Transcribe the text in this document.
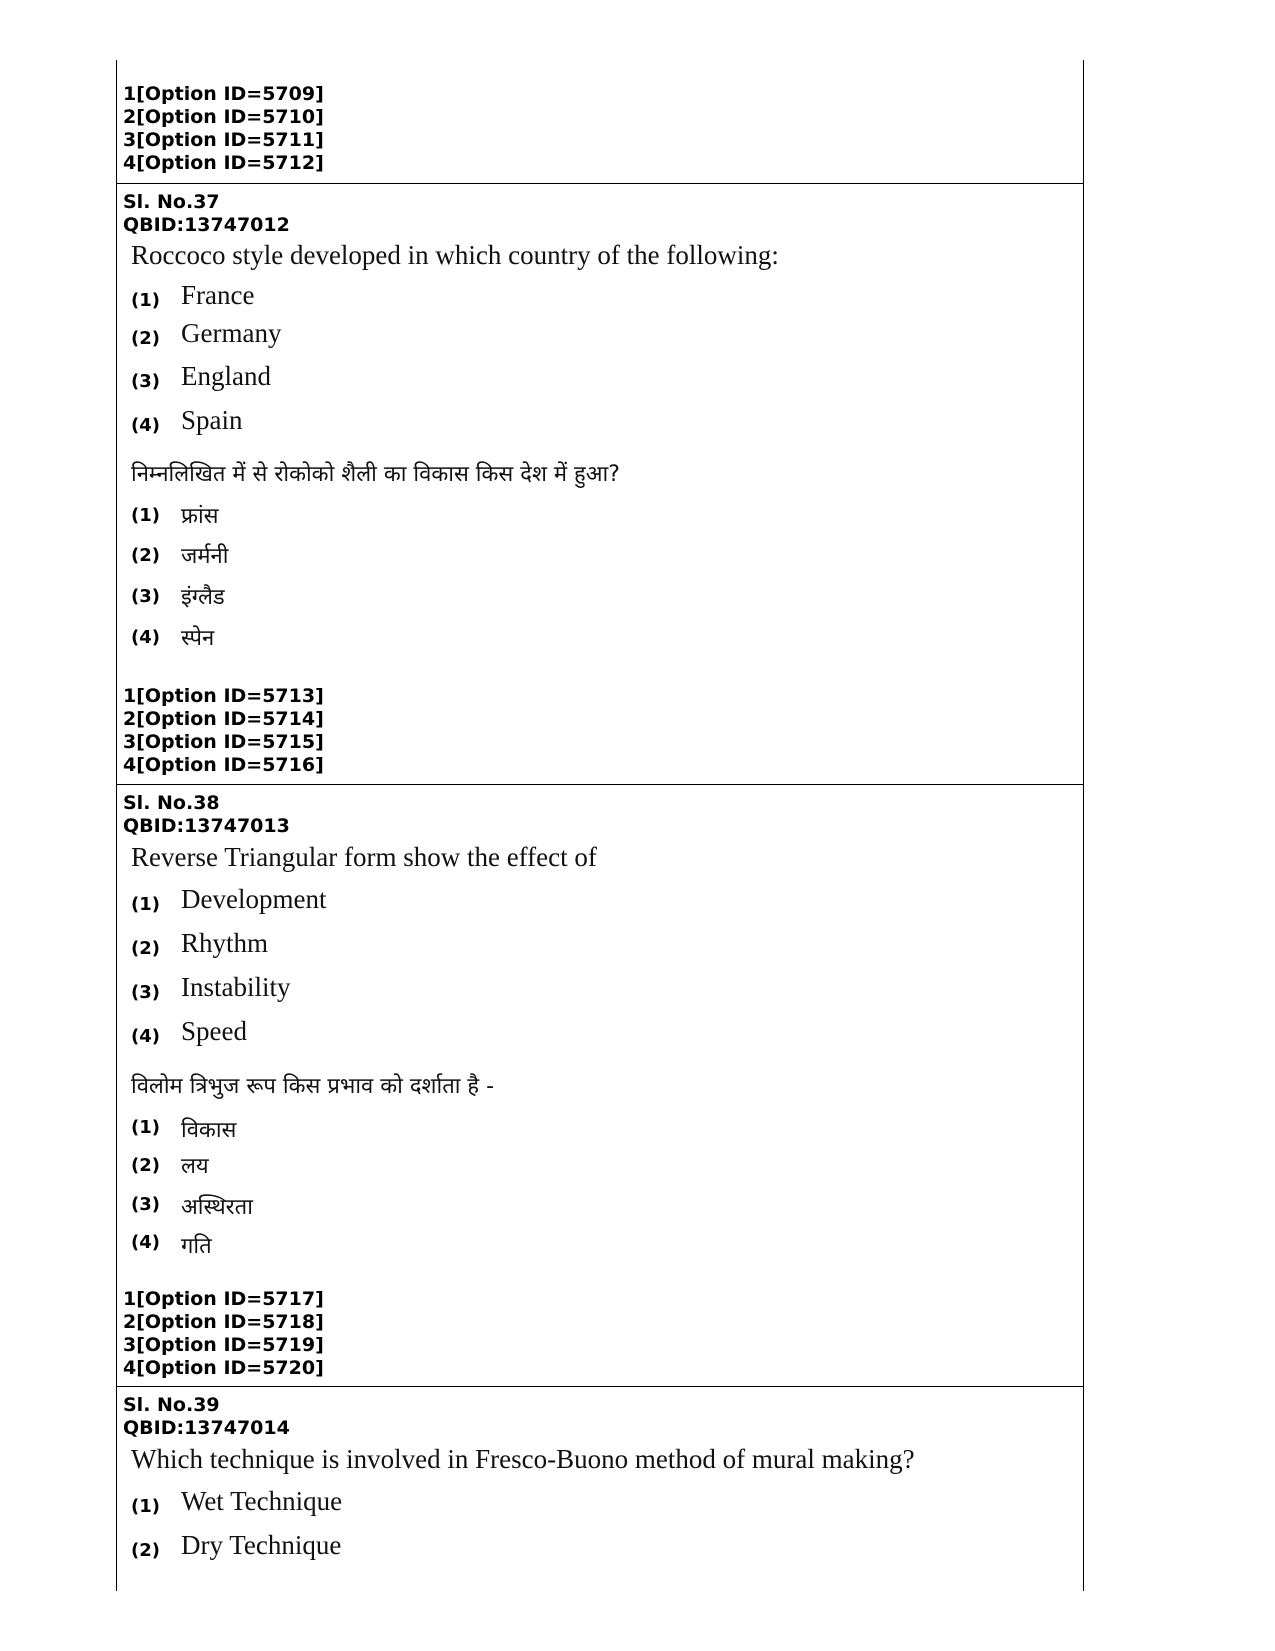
1[Option ID=5709]
2[Option ID=5710]
3[Option ID=5711]
4[Option ID=5712]
Sl. No.37
QBID:13747012
Roccoco style developed in which country of the following:
(1) France
(2) Germany
(3) England
(4) Spain
निम्नलिखित में से रोकोको शैली का विकास किस देश में हुआ?
(1) फ्रांस
(2) जर्मनी
(3) इंग्लैड
(4) स्पेन
1[Option ID=5713]
2[Option ID=5714]
3[Option ID=5715]
4[Option ID=5716]
Sl. No.38
QBID:13747013
Reverse Triangular form show the effect of
(1) Development
(2) Rhythm
(3) Instability
(4) Speed
विलोम त्रिभुज रूप किस प्रभाव को दर्शाता है -
(1) विकास
(2) लय
(3) अस्थिरता
(4) गति
1[Option ID=5717]
2[Option ID=5718]
3[Option ID=5719]
4[Option ID=5720]
Sl. No.39
QBID:13747014
Which technique is involved in Fresco-Buono method of mural making?
(1) Wet Technique
(2) Dry Technique
